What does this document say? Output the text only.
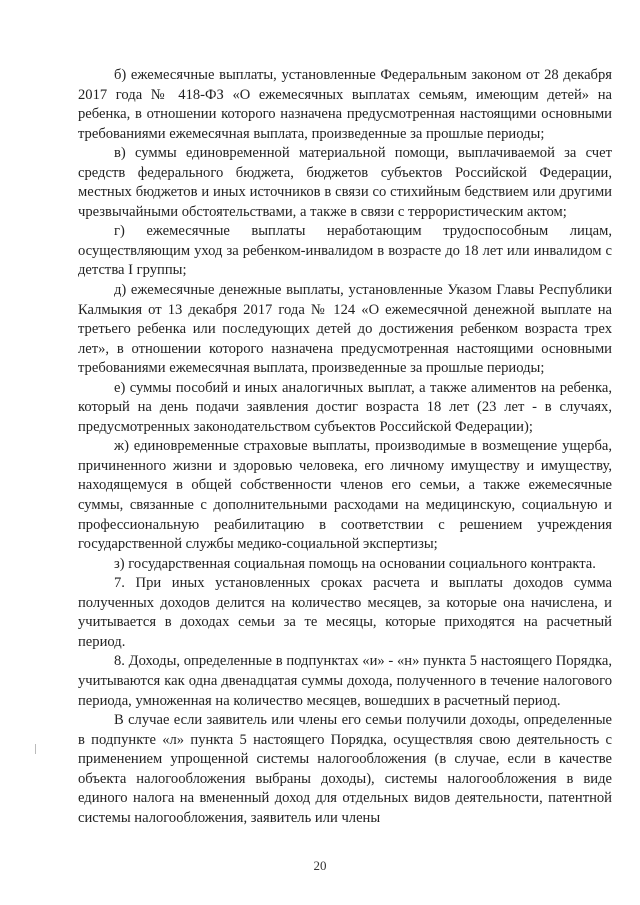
б) ежемесячные выплаты, установленные Федеральным законом от 28 декабря 2017 года № 418-ФЗ «О ежемесячных выплатах семьям, имеющим детей» на ребенка, в отношении которого назначена предусмотренная настоящими основными требованиями ежемесячная выплата, произведенные за прошлые периоды;

в) суммы единовременной материальной помощи, выплачиваемой за счет средств федерального бюджета, бюджетов субъектов Российской Федерации, местных бюджетов и иных источников в связи со стихийным бедствием или другими чрезвычайными обстоятельствами, а также в связи с террористическим актом;

г) ежемесячные выплаты неработающим трудоспособным лицам, осуществляющим уход за ребенком-инвалидом в возрасте до 18 лет или инвалидом с детства I группы;

д) ежемесячные денежные выплаты, установленные Указом Главы Республики Калмыкия от 13 декабря 2017 года № 124 «О ежемесячной денежной выплате на третьего ребенка или последующих детей до достижения ребенком возраста трех лет», в отношении которого назначена предусмотренная настоящими основными требованиями ежемесячная выплата, произведенные за прошлые периоды;

е) суммы пособий и иных аналогичных выплат, а также алиментов на ребенка, который на день подачи заявления достиг возраста 18 лет (23 лет - в случаях, предусмотренных законодательством субъектов Российской Федерации);

ж) единовременные страховые выплаты, производимые в возмещение ущерба, причиненного жизни и здоровью человека, его личному имуществу и имуществу, находящемуся в общей собственности членов его семьи, а также ежемесячные суммы, связанные с дополнительными расходами на медицинскую, социальную и профессиональную реабилитацию в соответствии с решением учреждения государственной службы медико-социальной экспертизы;

з) государственная социальная помощь на основании социального контракта.

7. При иных установленных сроках расчета и выплаты доходов сумма полученных доходов делится на количество месяцев, за которые она начислена, и учитывается в доходах семьи за те месяцы, которые приходятся на расчетный период.

8. Доходы, определенные в подпунктах «и» - «н» пункта 5 настоящего Порядка, учитываются как одна двенадцатая суммы дохода, полученного в течение налогового периода, умноженная на количество месяцев, вошедших в расчетный период.

В случае если заявитель или члены его семьи получили доходы, определенные в подпункте «л» пункта 5 настоящего Порядка, осуществляя свою деятельность с применением упрощенной системы налогообложения (в случае, если в качестве объекта налогообложения выбраны доходы), системы налогообложения в виде единого налога на вмененный доход для отдельных видов деятельности, патентной системы налогообложения, заявитель или члены

20
